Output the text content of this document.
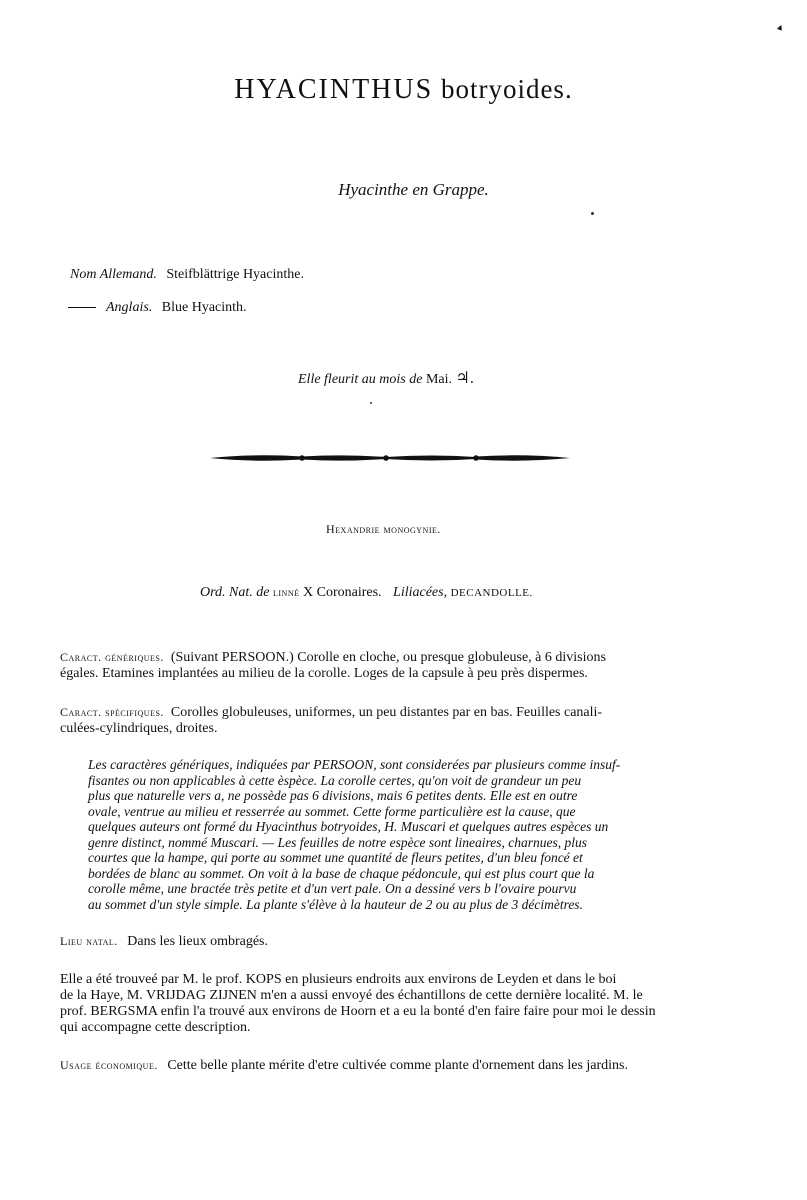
▲
HYACINTHUS botryoides.
Hyacinthe en Grappe.
Nom Allemand. Steifblättrige Hyacinthe.
Anglais. Blue Hyacinth.
Elle fleurit au mois de Mai. ♃.
Hexandrie monogynie.
Ord. Nat. de linné X Coronaires. Liliacées, DECANDOLLE.
Caract. génériques. (Suivant PERSOON.) Corolle en cloche, ou presque globuleuse, à 6 divisions
égales. Etamines implantées au milieu de la corolle. Loges de la capsule à peu près dispermes.
Caract. spécifiques. Corolles globuleuses, uniformes, un peu distantes par en bas. Feuilles canali-
culées-cylindriques, droites.
Les caractères génériques, indiquées par PERSOON, sont considerées par plusieurs comme insuf-
fisantes ou non applicables à cette èspèce. La corolle certes, qu'on voit de grandeur un peu
plus que naturelle vers a, ne possède pas 6 divisions, mais 6 petites dents. Elle est en outre
ovale, ventrue au milieu et resserrée au sommet. Cette forme particulière est la cause, que
quelques auteurs ont formé du Hyacinthus botryoides, H. Muscari et quelques autres espèces un
genre distinct, nommé Muscari. — Les feuilles de notre espèce sont lineaires, charnues, plus
courtes que la hampe, qui porte au sommet une quantité de fleurs petites, d'un bleu foncé et
bordées de blanc au sommet. On voit à la base de chaque pédoncule, qui est plus court que la
corolle même, une bractée très petite et d'un vert pale. On a dessiné vers b l'ovaire pourvu
au sommet d'un style simple. La plante s'élève à la hauteur de 2 ou au plus de 3 décimètres.
Lieu natal. Dans les lieux ombragés.
Elle a été trouveé par M. le prof. KOPS en plusieurs endroits aux environs de Leyden et dans le boi
de la Haye, M. VRIJDAG ZIJNEN m'en a aussi envoyé des échantillons de cette dernière localité. M. le
prof. BERGSMA enfin l'a trouvé aux environs de Hoorn et a eu la bonté d'en faire faire pour moi le dessin
qui accompagne cette description.
Usage économique. Cette belle plante mérite d'etre cultivée comme plante d'ornement dans les jardins.
